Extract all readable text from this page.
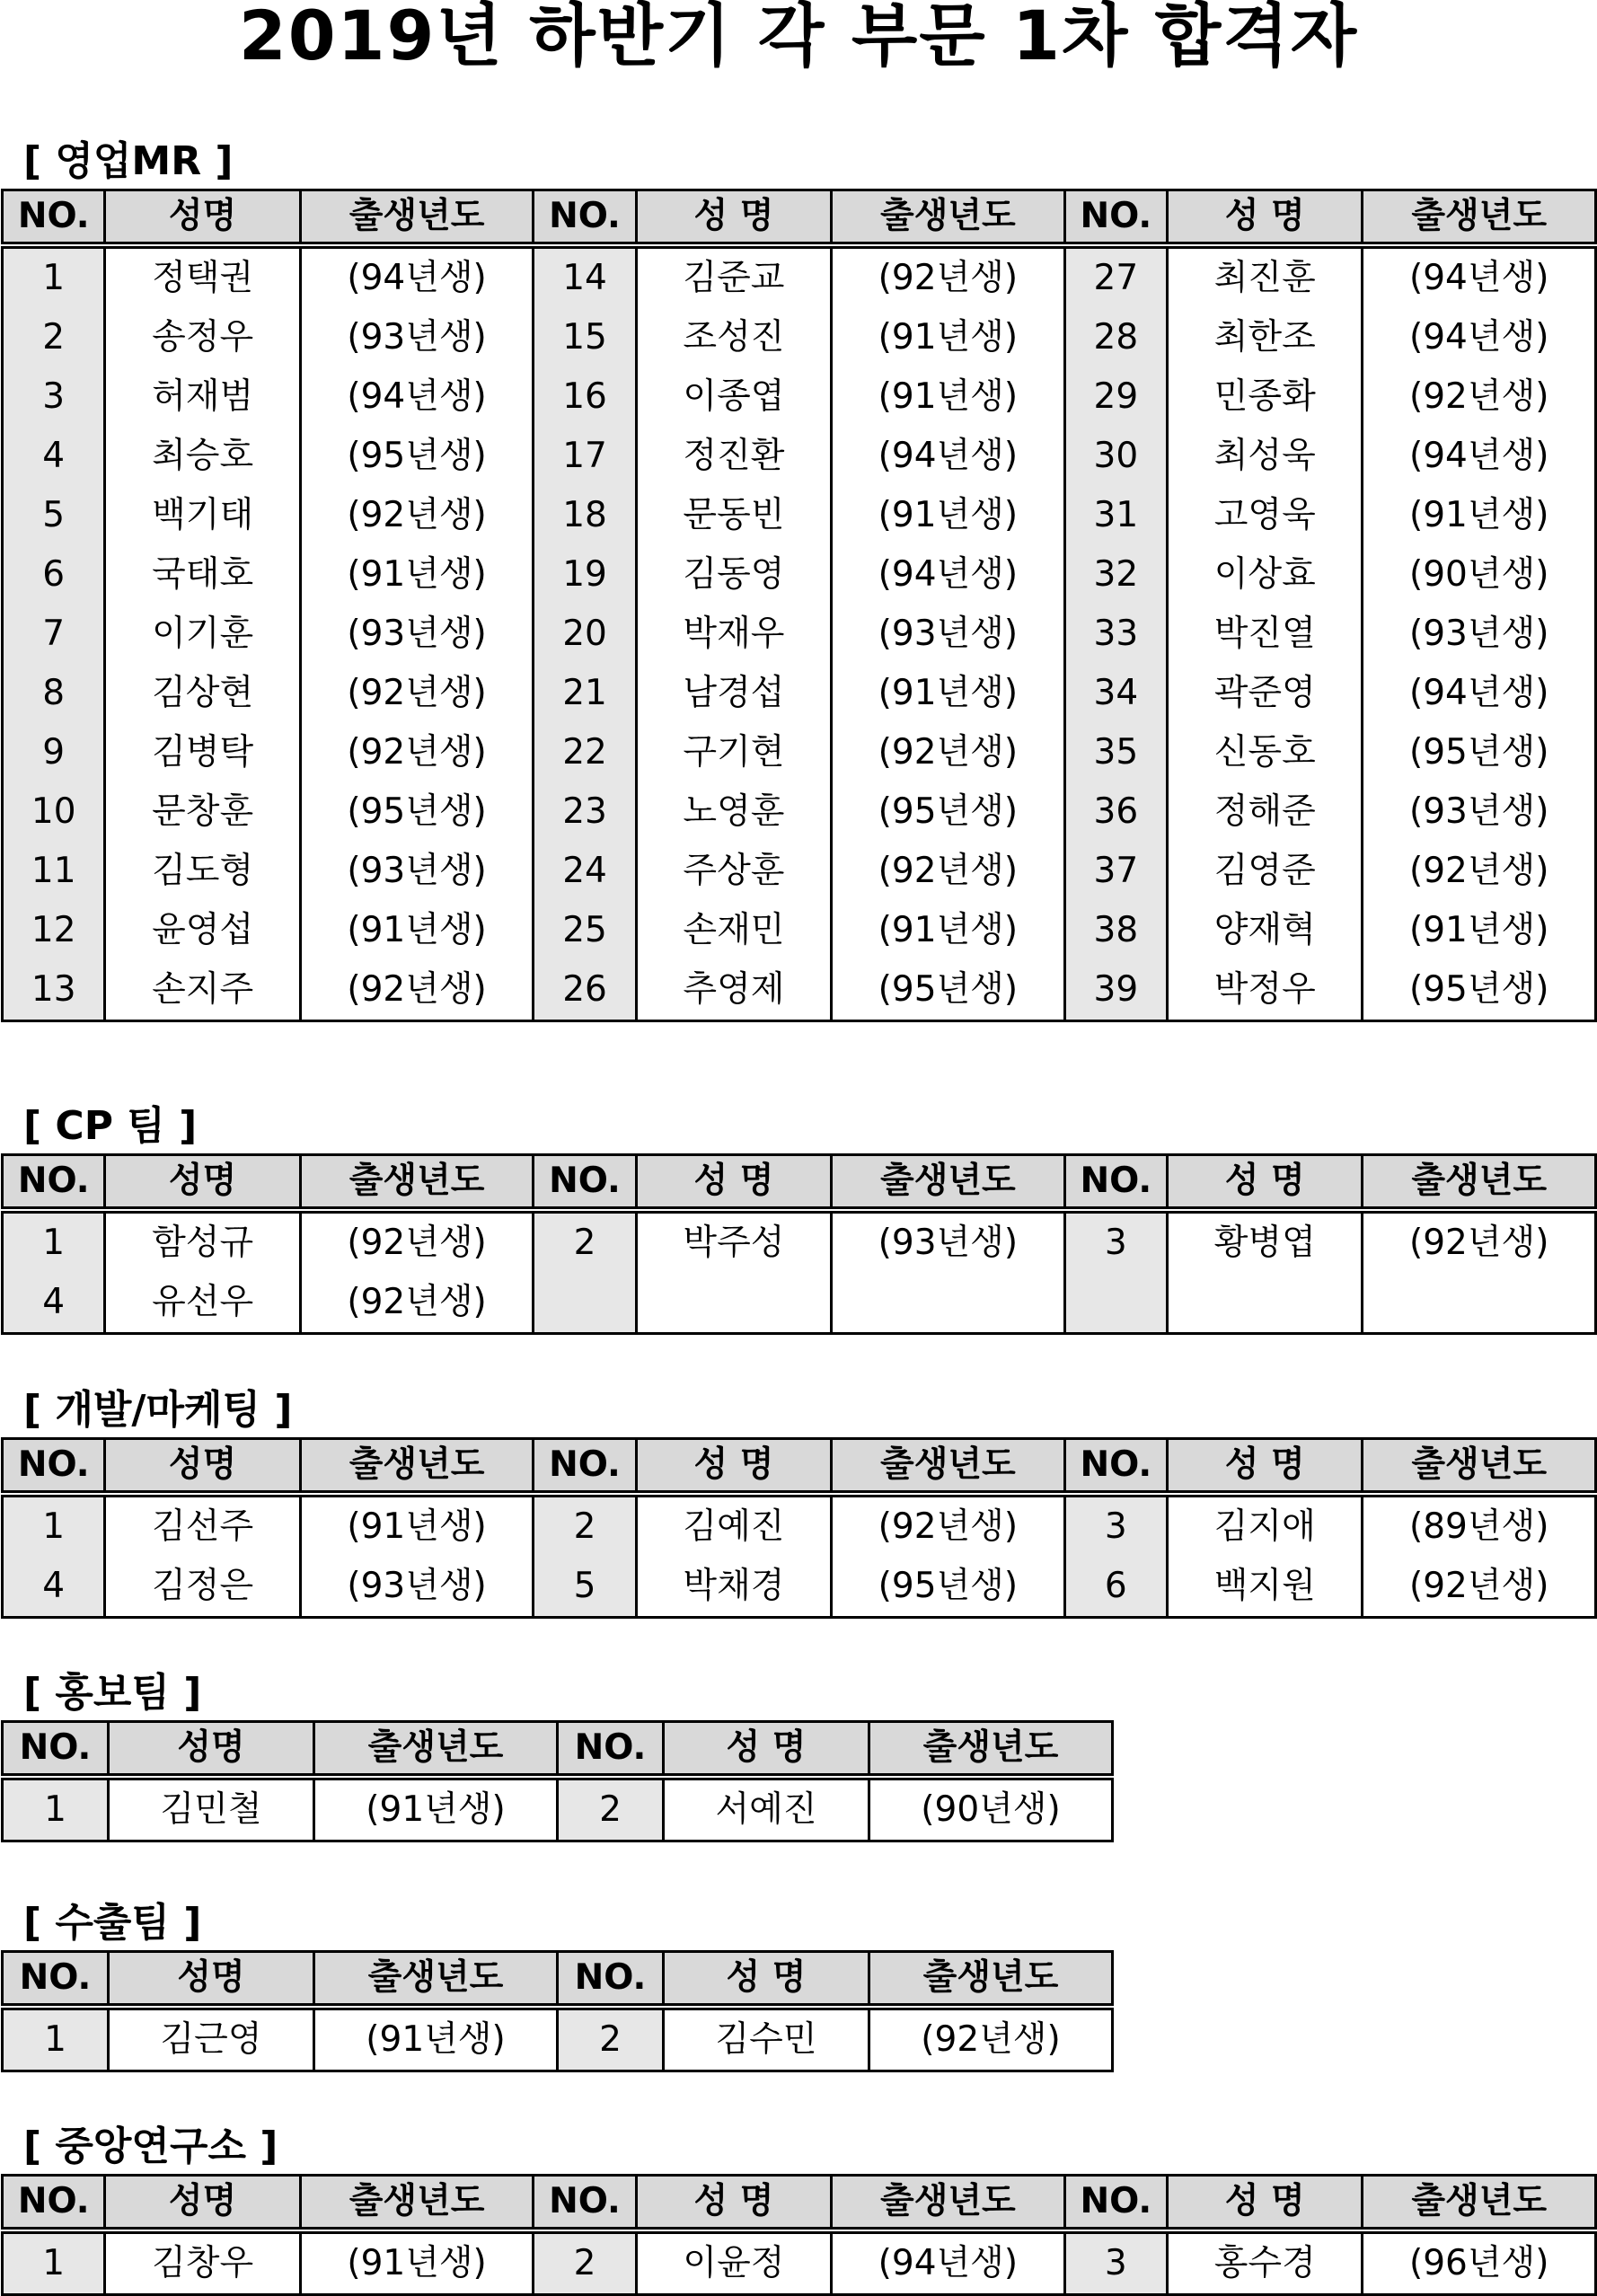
2019년 하반기 각 부문 1차 합격자
[ 영업MR ]
NO.	성명	출생년도	NO.	성 명	출생년도	NO.	성 명	출생년도
1	정택권	(94년생)	14	김준교	(92년생)	27	최진훈	(94년생)
2	송정우	(93년생)	15	조성진	(91년생)	28	최한조	(94년생)
3	허재범	(94년생)	16	이종엽	(91년생)	29	민종화	(92년생)
4	최승호	(95년생)	17	정진환	(94년생)	30	최성욱	(94년생)
5	백기태	(92년생)	18	문동빈	(91년생)	31	고영욱	(91년생)
6	국태호	(91년생)	19	김동영	(94년생)	32	이상효	(90년생)
7	이기훈	(93년생)	20	박재우	(93년생)	33	박진열	(93년생)
8	김상현	(92년생)	21	남경섭	(91년생)	34	곽준영	(94년생)
9	김병탁	(92년생)	22	구기현	(92년생)	35	신동호	(95년생)
10	문창훈	(95년생)	23	노영훈	(95년생)	36	정해준	(93년생)
11	김도형	(93년생)	24	주상훈	(92년생)	37	김영준	(92년생)
12	윤영섭	(91년생)	25	손재민	(91년생)	38	양재혁	(91년생)
13	손지주	(92년생)	26	추영제	(95년생)	39	박정우	(95년생)
[ CP 팀 ]
NO.	성명	출생년도	NO.	성 명	출생년도	NO.	성 명	출생년도
1	함성규	(92년생)	2	박주성	(93년생)	3	황병엽	(92년생)
4	유선우	(92년생)						
[ 개발/마케팅 ]
NO.	성명	출생년도	NO.	성 명	출생년도	NO.	성 명	출생년도
1	김선주	(91년생)	2	김예진	(92년생)	3	김지애	(89년생)
4	김정은	(93년생)	5	박채경	(95년생)	6	백지원	(92년생)
[ 홍보팀 ]
NO.	성명	출생년도	NO.	성 명	출생년도
1	김민철	(91년생)	2	서예진	(90년생)
[ 수출팀 ]
NO.	성명	출생년도	NO.	성 명	출생년도
1	김근영	(91년생)	2	김수민	(92년생)
[ 중앙연구소 ]
NO.	성명	출생년도	NO.	성 명	출생년도	NO.	성 명	출생년도
1	김창우	(91년생)	2	이윤정	(94년생)	3	홍수경	(96년생)
